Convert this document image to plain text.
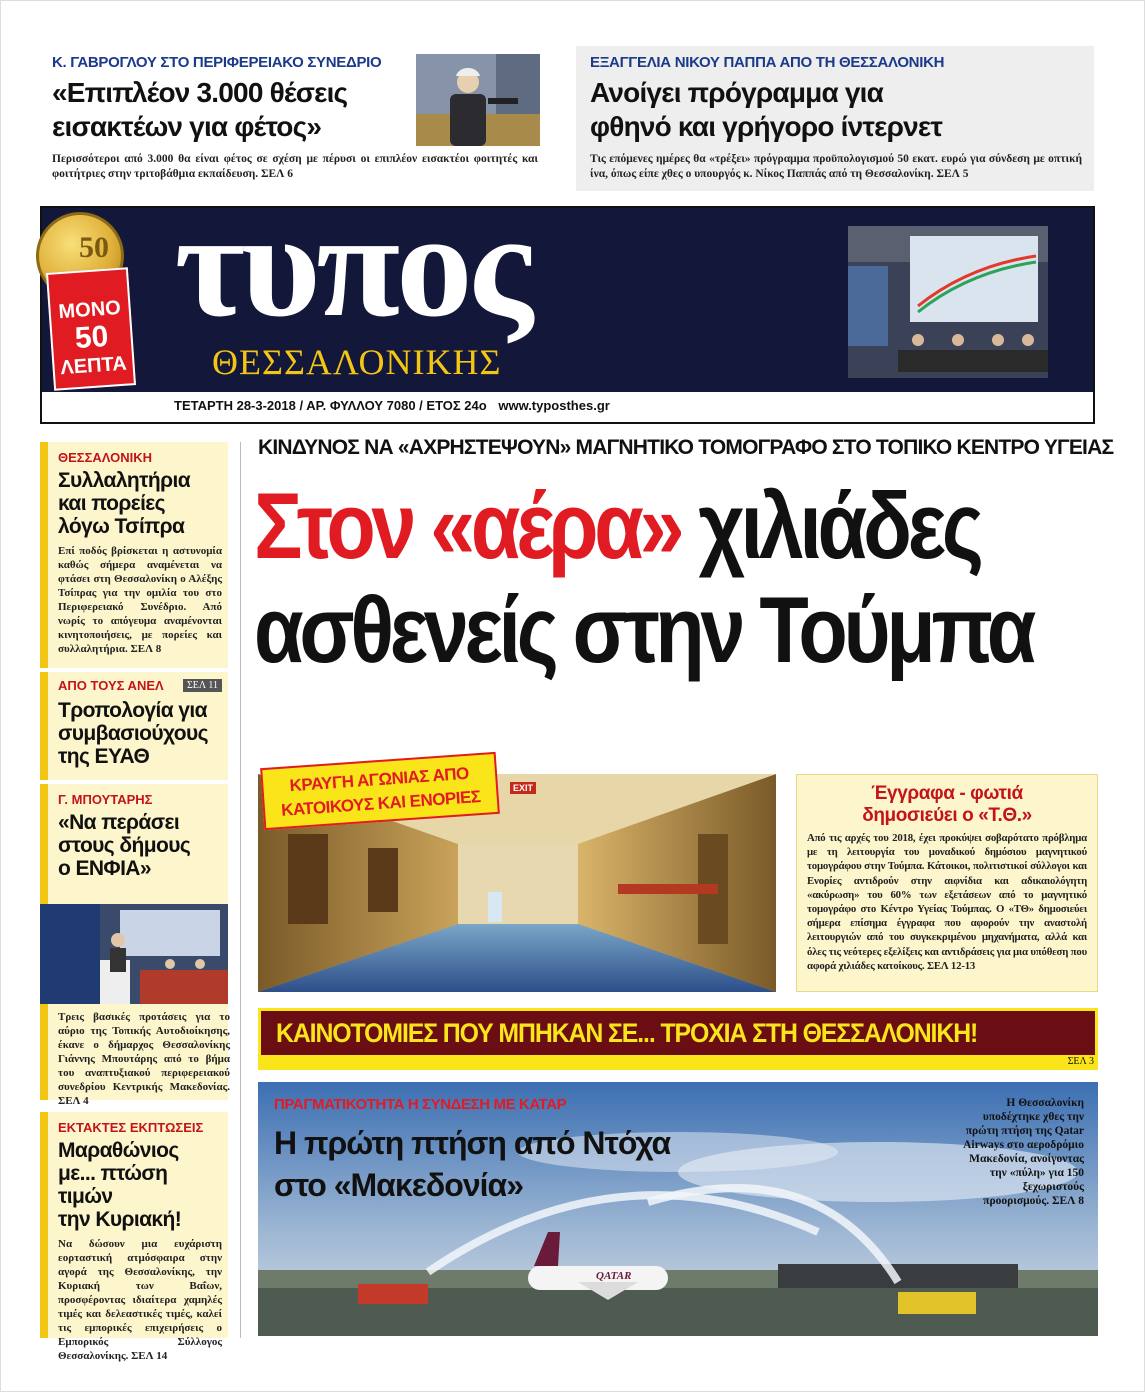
Κ. ΓΑΒΡΟΓΛΟΥ ΣΤΟ ΠΕΡΙΦΕΡΕΙΑΚΟ ΣΥΝΕΔΡΙΟ
«Επιπλέον 3.000 θέσεις
εισακτέων για φέτος»
Περισσότεροι από 3.000 θα είναι φέτος σε σχέση με πέρυσι οι επιπλέον εισακτέοι φοιτητές και φοιτήτριες στην τριτοβάθμια εκπαίδευση. ΣΕΛ 6
ΕΞΑΓΓΕΛΙΑ ΝΙΚΟΥ ΠΑΠΠΑ ΑΠΟ ΤΗ ΘΕΣΣΑΛΟΝΙΚΗ
Ανοίγει πρόγραμμα για
φθηνό και γρήγορο ίντερνετ
Τις επόμενες ημέρες θα «τρέξει» πρόγραμμα προϋπολογισμού 50 εκατ. ευρώ για σύνδεση με οπτική ίνα, όπως είπε χθες ο υπουργός κ. Νίκος Παππάς από τη Θεσσαλονίκη. ΣΕΛ 5
50
ΜΟΝΟ
50
ΛΕΠΤΑ
τυπος
ΘΕΣΣΑΛΟΝΙΚΗΣ
ΤΕΤΑΡΤΗ 28-3-2018 / ΑΡ. ΦΥΛΛΟΥ 7080 / ΕΤΟΣ 24ο www.typosthes.gr
ΘΕΣΣΑΛΟΝΙΚΗ
Συλλαλητήρια
και πορείες
λόγω Τσίπρα
Επί ποδός βρίσκεται η αστυνομία καθώς σήμερα αναμένεται να φτάσει στη Θεσσαλονίκη ο Αλέξης Τσίπρας για την ομιλία του στο Περιφερειακό Συνέδριο. Από νωρίς το απόγευμα αναμένονται κινητοποιήσεις, με πορείες και συλλαλητήρια. ΣΕΛ 8
ΑΠΟ ΤΟΥΣ ΑΝΕΛ	ΣΕΛ 11
Τροπολογία για
συμβασιούχους
της ΕΥΑΘ
Γ. ΜΠΟΥΤΑΡΗΣ
«Να περάσει
στους δήμους
ο ΕΝΦΙΑ»
Τρεις βασικές προτάσεις για το αύριο της Τοπικής Αυτοδιοίκησης, έκανε ο δήμαρχος Θεσσαλονίκης Γιάννης Μπουτάρης από το βήμα του αναπτυξιακού περιφερειακού συνεδρίου Κεντρικής Μακεδονίας. ΣΕΛ 4
ΕΚΤΑΚΤΕΣ ΕΚΠΤΩΣΕΙΣ
Μαραθώνιος
με... πτώση τιμών
την Κυριακή!
Να δώσουν μια ευχάριστη εορταστική ατμόσφαιρα στην αγορά της Θεσσαλονίκης, την Κυριακή των Βαΐων, προσφέροντας ιδιαίτερα χαμηλές τιμές και δελεαστικές τιμές, καλεί τις εμπορικές επιχειρήσεις ο Εμπορικός Σύλλογος Θεσσαλονίκης. ΣΕΛ 14
ΚΙΝΔΥΝΟΣ ΝΑ «ΑΧΡΗΣΤΕΨΟΥΝ» ΜΑΓΝΗΤΙΚΟ ΤΟΜΟΓΡΑΦΟ ΣΤΟ ΤΟΠΙΚΟ ΚΕΝΤΡΟ ΥΓΕΙΑΣ
Στον «αέρα» χιλιάδες
ασθενείς στην Τούμπα
EXIT
ΚΡΑΥΓΗ ΑΓΩΝΙΑΣ ΑΠΟ
ΚΑΤΟΙΚΟΥΣ ΚΑΙ ΕΝΟΡΙΕΣ	Έγγραφα - φωτιά
δημοσιεύει ο «Τ.Θ.»
Από τις αρχές του 2018, έχει προκύψει σοβαρότατο πρόβλημα με τη λειτουργία του μοναδικού δημόσιου μαγνητικού τομογράφου στην Τούμπα. Κάτοικοι, πολιτιστικοί σύλλογοι και Ενορίες αντιδρούν στην αιφνίδια και αδικαιολόγητη «ακύρωση» του 60% των εξετάσεων από το μαγνητικό τομογράφο στο Κέντρο Υγείας Τούμπας. Ο «ΤΘ» δημοσιεύει σήμερα επίσημα έγγραφα που αφορούν την αναστολή λειτουργιών από του συγκεκριμένου μηχανήματα, αλλά και όλες τις νεότερες εξελίξεις και αντιδράσεις για μια υπόθεση που αφορά χιλιάδες κατοίκους. ΣΕΛ 12-13
ΚΑΙΝΟΤΟΜΙΕΣ ΠΟΥ ΜΠΗΚΑΝ ΣΕ... ΤΡΟΧΙΑ ΣΤΗ ΘΕΣΣΑΛΟΝΙΚΗ!
ΣΕΛ 3
QATAR
ΠΡΑΓΜΑΤΙΚΟΤΗΤΑ Η ΣΥΝΔΕΣΗ ΜΕ ΚΑΤΑΡ
Η πρώτη πτήση από Ντόχα
στο «Μακεδονία»
Η Θεσσαλονίκη υποδέχτηκε χθες την πρώτη πτήση της Qatar Airways στο αεροδρόμιο Μακεδονία, ανοίγοντας την «πύλη» για 150 ξεχωριστούς προορισμούς. ΣΕΛ 8
